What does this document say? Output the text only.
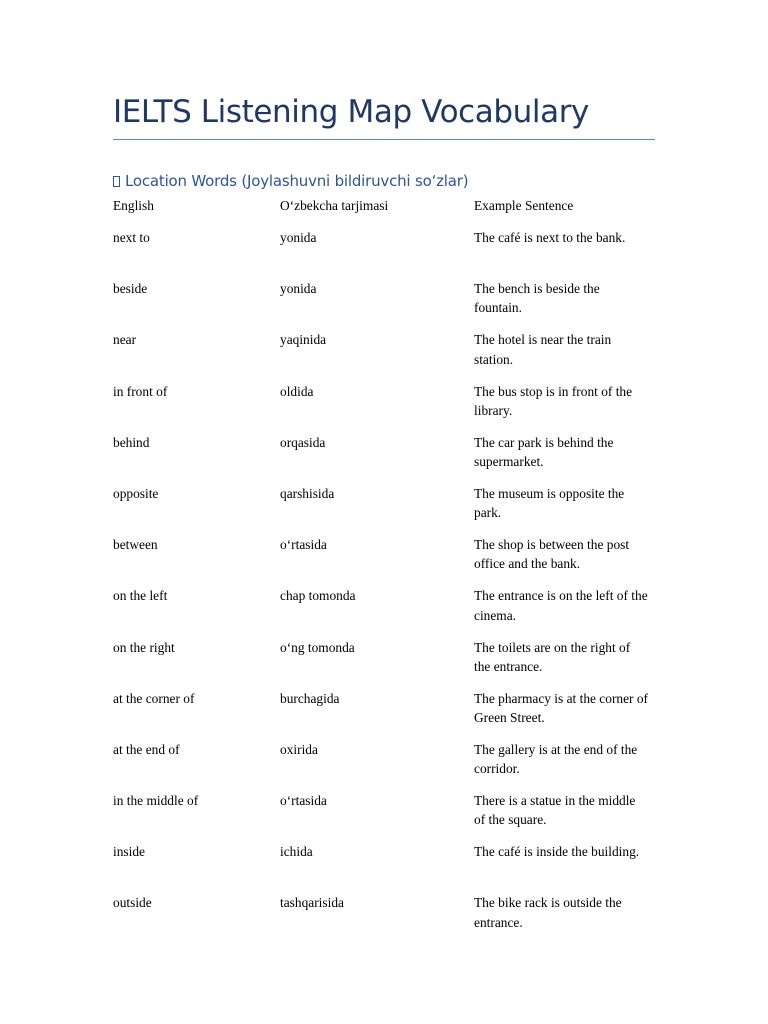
IELTS Listening Map Vocabulary
Location Words (Joylashuvni bildiruvchi so‘zlar)
English	O‘zbekcha tarjimasi	Example Sentence
next to	yonida	The café is next to the bank.
beside	yonida	The bench is beside the fountain.
near	yaqinida	The hotel is near the train station.
in front of	oldida	The bus stop is in front of the library.
behind	orqasida	The car park is behind the supermarket.
opposite	qarshisida	The museum is opposite the park.
between	o‘rtasida	The shop is between the post office and the bank.
on the left	chap tomonda	The entrance is on the left of the cinema.
on the right	o‘ng tomonda	The toilets are on the right of the entrance.
at the corner of	burchagida	The pharmacy is at the corner of Green Street.
at the end of	oxirida	The gallery is at the end of the corridor.
in the middle of	o‘rtasida	There is a statue in the middle of the square.
inside	ichida	The café is inside the building.
outside	tashqarisida	The bike rack is outside the entrance.
